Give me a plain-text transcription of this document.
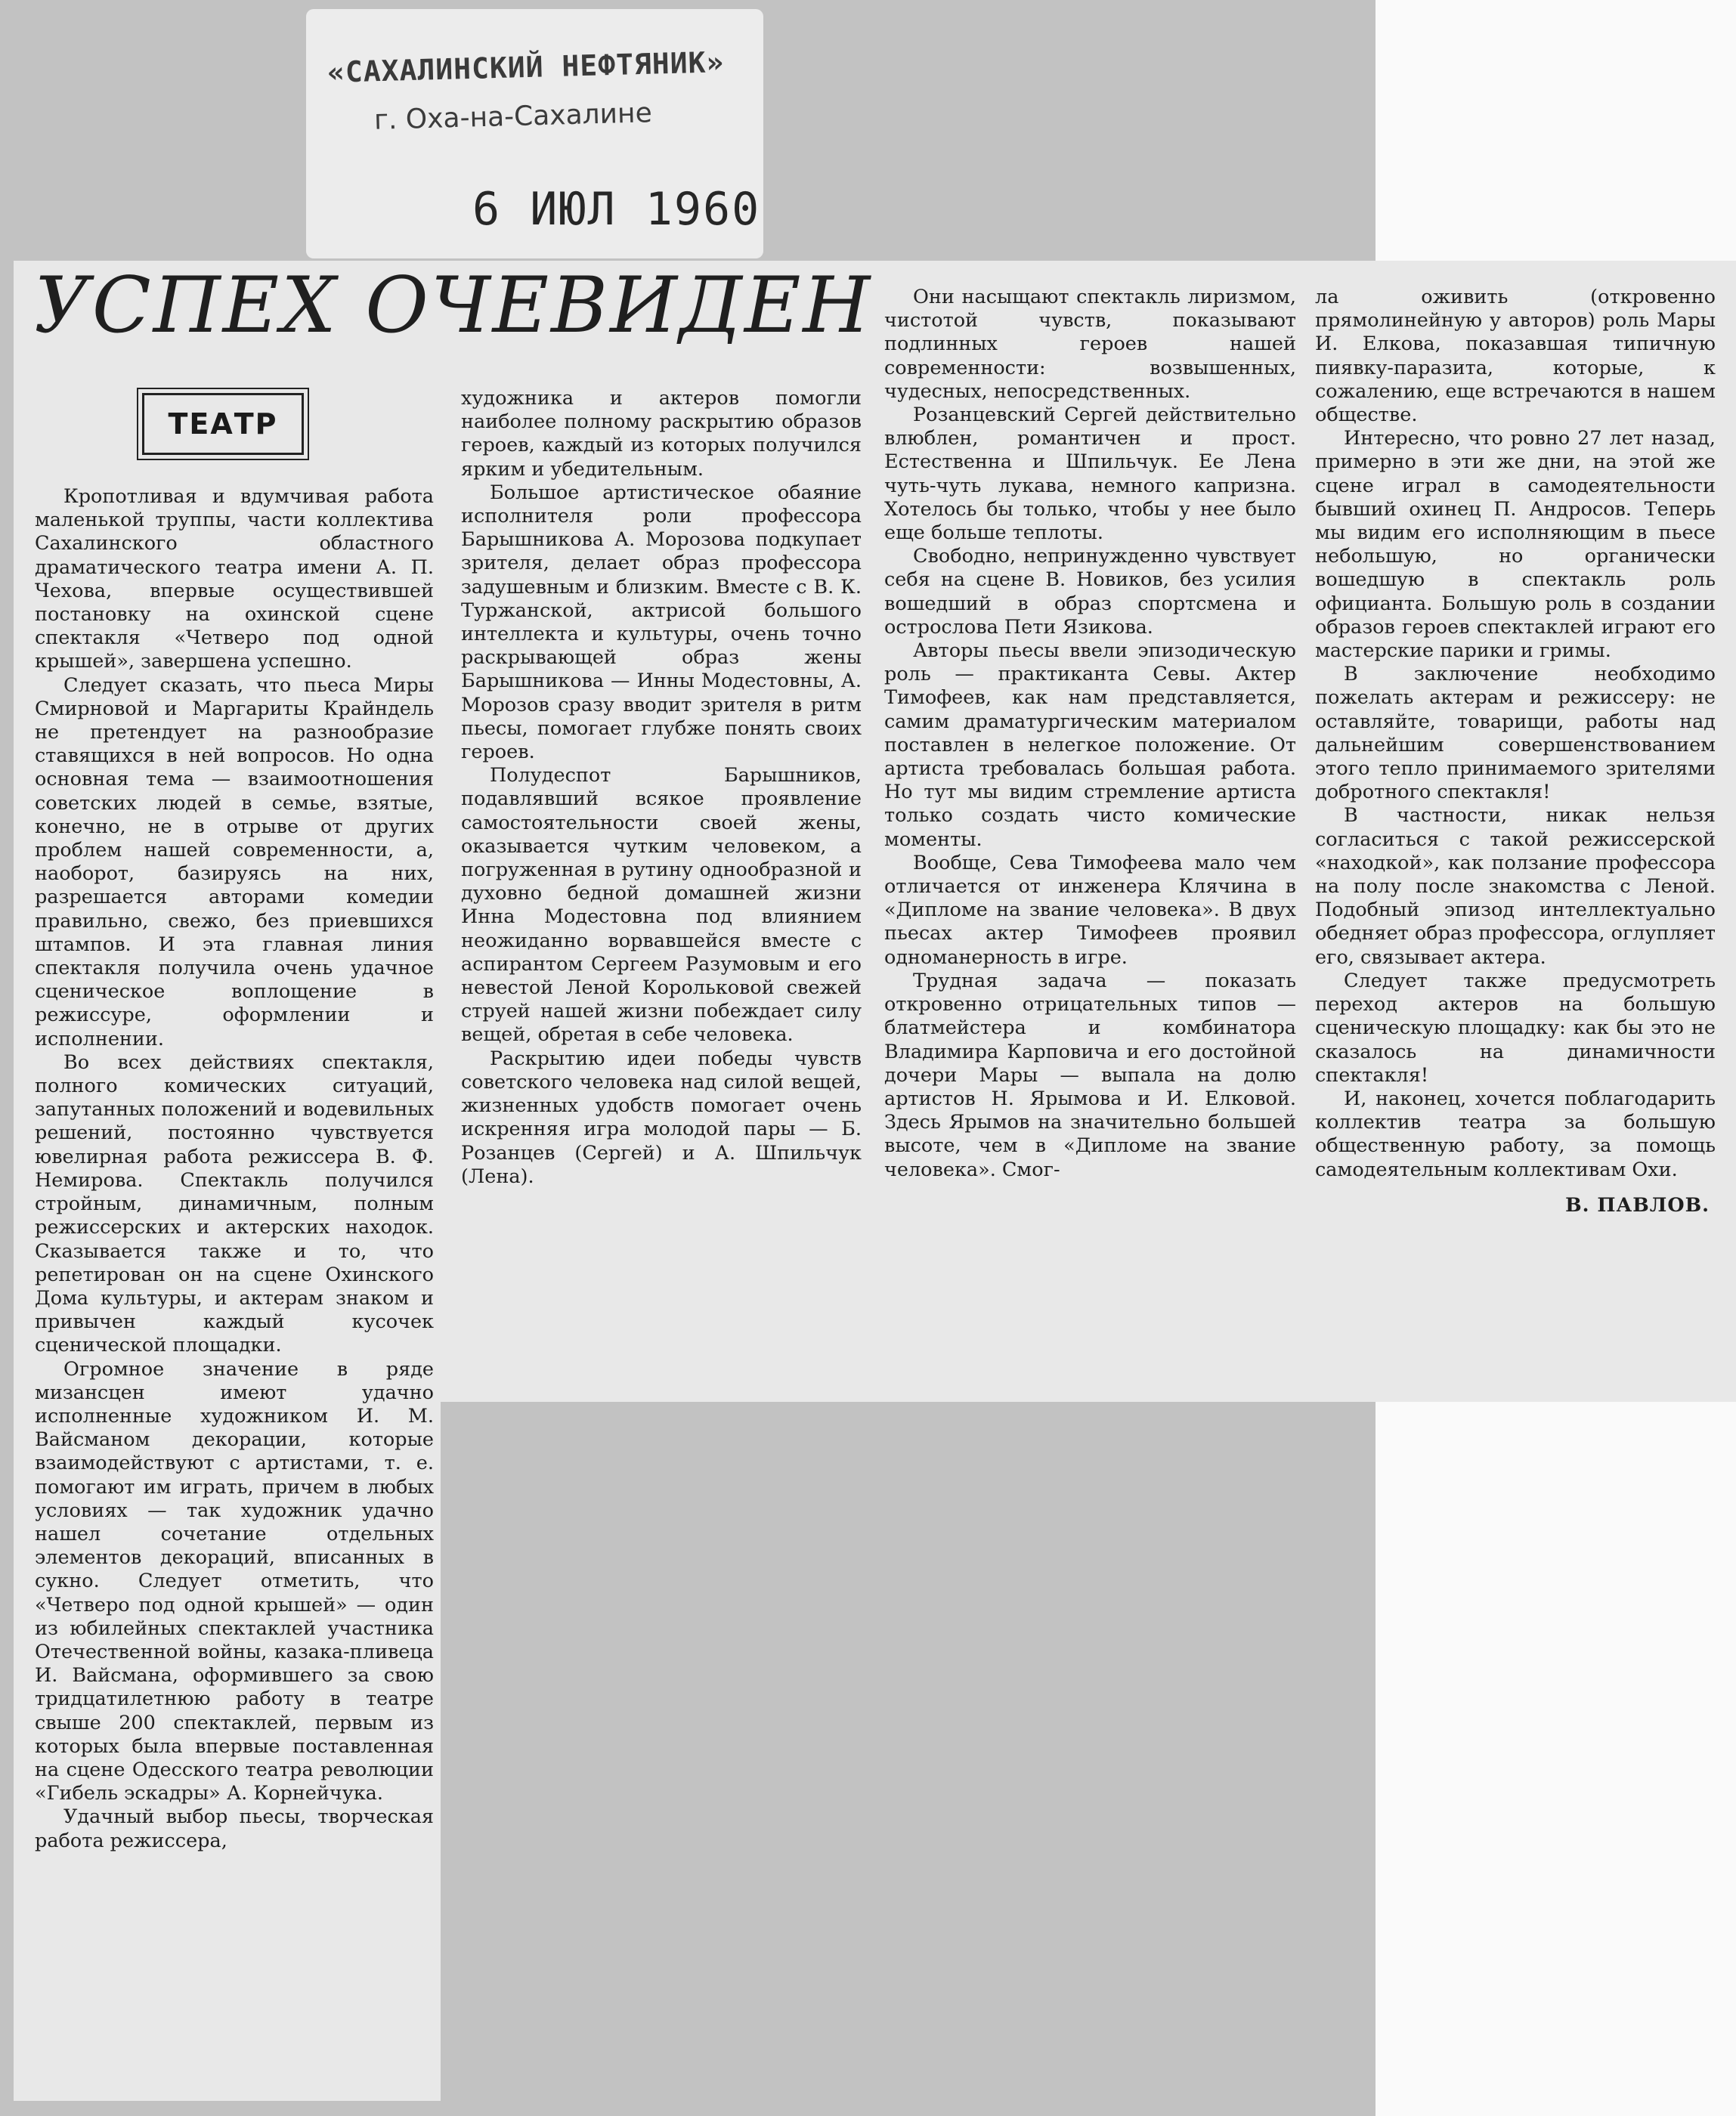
«САХАЛИНСКИЙ НЕФТЯНИК»
г. Оха-на-Сахалине
6 ИЮЛ 1960
УСПЕХ ОЧЕВИДЕН
ТЕАТР

Кропотливая и вдумчивая работа маленькой труппы, части коллектива Сахалинского областного драматического театра имени А. П. Чехова, впервые осуществившей постановку на охинской сцене спектакля «Четверо под одной крышей», завершена успешно.

Следует сказать, что пьеса Миры Смирновой и Маргариты Крайндель не претендует на разнообразие ставящихся в ней вопросов. Но одна основная тема — взаимоотношения советских людей в семье, взятые, конечно, не в отрыве от других проблем нашей современности, а, наоборот, базируясь на них, разрешается авторами комедии правильно, свежо, без приевшихся штампов. И эта главная линия спектакля получила очень удачное сценическое воплощение в режиссуре, оформлении и исполнении.

Во всех действиях спектакля, полного комических ситуаций, запутанных положений и водевильных решений, постоянно чувствуется ювелирная работа режиссера В. Ф. Немирова. Спектакль получился стройным, динамичным, полным режиссерских и актерских находок. Сказывается также и то, что репетирован он на сцене Охинского Дома культуры, и актерам знаком и привычен каждый кусочек сценической площадки.

Огромное значение в ряде мизансцен имеют удачно исполненные художником И. М. Вайсманом декорации, которые взаимодействуют с артистами, т. е. помогают им играть, причем в любых условиях — так художник удачно нашел сочетание отдельных элементов декораций, вписанных в сукно. Следует отметить, что «Четверо под одной крышей» — один из юбилейных спектаклей участника Отечественной войны, казака-пливеца И. Вайсмана, оформившего за свою тридцатилетнюю работу в театре свыше 200 спектаклей, первым из которых была впервые поставленная на сцене Одесского театра революции «Гибель эскадры» А. Корнейчука.

Удачный выбор пьесы, творческая работа режиссера,

художника и актеров помогли наиболее полному раскрытию образов героев, каждый из которых получился ярким и убедительным.

Большое артистическое обаяние исполнителя роли профессора Барышникова А. Морозова подкупает зрителя, делает образ профессора задушевным и близким. Вместе с В. К. Туржанской, актрисой большого интеллекта и культуры, очень точно раскрывающей образ жены Барышникова — Инны Модестовны, А. Морозов сразу вводит зрителя в ритм пьесы, помогает глубже понять своих героев.

Полудеспот Барышников, подавлявший всякое проявление самостоятельности своей жены, оказывается чутким человеком, а погруженная в рутину однообразной и духовно бедной домашней жизни Инна Модестовна под влиянием неожиданно ворвавшейся вместе с аспирантом Сергеем Разумовым и его невестой Леной Корольковой свежей струей нашей жизни побеждает силу вещей, обретая в себе человека.

Раскрытию идеи победы чувств советского человека над силой вещей, жизненных удобств помогает очень искренняя игра молодой пары — Б. Розанцев (Сергей) и А. Шпильчук (Лена).

Они насыщают спектакль лиризмом, чистотой чувств, показывают подлинных героев нашей современности: возвышенных, чудесных, непосредственных.

Розанцевский Сергей действительно влюблен, романтичен и прост. Естественна и Шпильчук. Ее Лена чуть-чуть лукава, немного капризна. Хотелось бы только, чтобы у нее было еще больше теплоты.

Свободно, непринужденно чувствует себя на сцене В. Новиков, без усилия вошедший в образ спортсмена и острослова Пети Язикова.

Авторы пьесы ввели эпизодическую роль — практиканта Севы. Актер Тимофеев, как нам представляется, самим драматургическим материалом поставлен в нелегкое положение. От артиста требовалась большая работа. Но тут мы видим стремление артиста только создать чисто комические моменты.

Вообще, Сева Тимофеева мало чем отличается от инженера Клячина в «Дипломе на звание человека». В двух пьесах актер Тимофеев проявил одноманерность в игре.

Трудная задача — показать откровенно отрицательных типов — блатмейстера и комбинатора Владимира Карповича и его достойной дочери Мары — выпала на долю артистов Н. Ярымова и И. Елковой. Здесь Ярымов на значительно большей высоте, чем в «Дипломе на звание человека». Смог-

ла оживить (откровенно прямолинейную у авторов) роль Мары И. Елкова, показавшая типичную пиявку-паразита, которые, к сожалению, еще встречаются в нашем обществе.

Интересно, что ровно 27 лет назад, примерно в эти же дни, на этой же сцене играл в самодеятельности бывший охинец П. Андросов. Теперь мы видим его исполняющим в пьесе небольшую, но органически вошедшую в спектакль роль официанта. Большую роль в создании образов героев спектаклей играют его мастерские парики и гримы.

В заключение необходимо пожелать актерам и режиссеру: не оставляйте, товарищи, работы над дальнейшим совершенствованием этого тепло принимаемого зрителями добротного спектакля!

В частности, никак нельзя согласиться с такой режиссерской «находкой», как ползание профессора на полу после знакомства с Леной. Подобный эпизод интеллектуально обедняет образ профессора, оглупляет его, связывает актера.

Следует также предусмотреть переход актеров на большую сценическую площадку: как бы это не сказалось на динамичности спектакля!

И, наконец, хочется поблагодарить коллектив театра за большую общественную работу, за помощь самодеятельным коллективам Охи.

В. ПАВЛОВ.
